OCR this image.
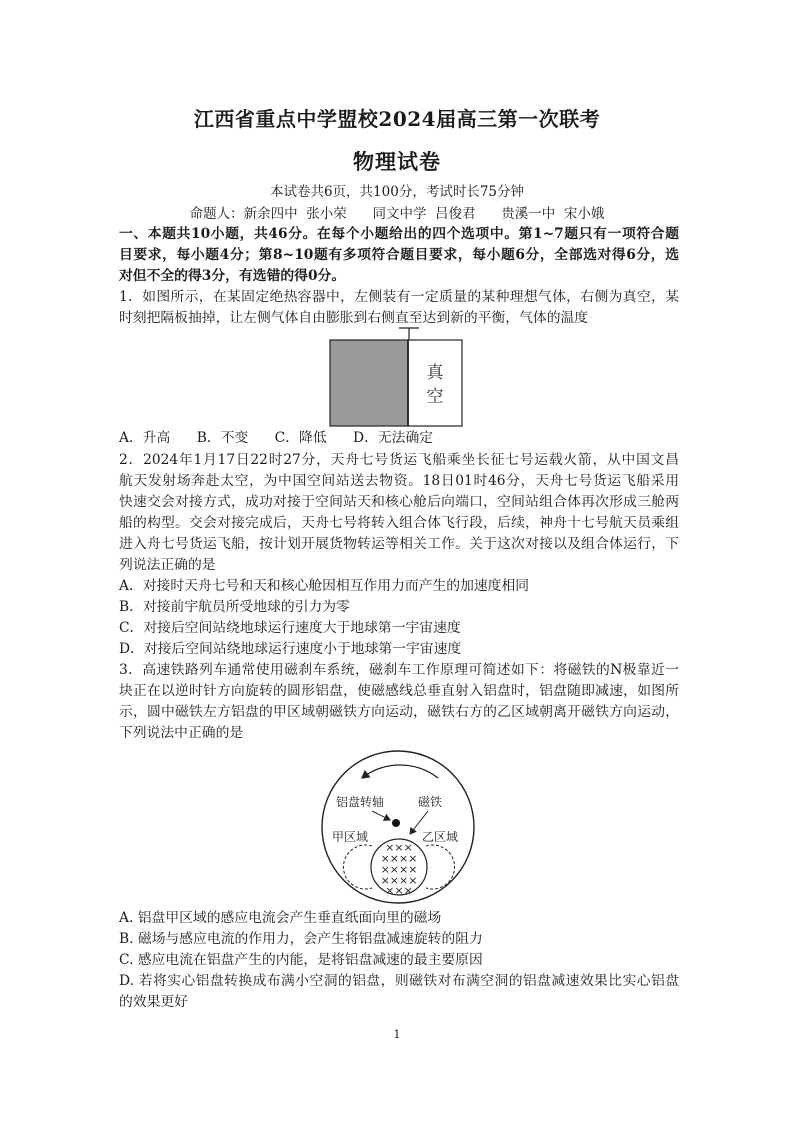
江西省重点中学盟校2024届高三第一次联考
物理试卷
本试卷共6页，共100分，考试时长75分钟
命题人：新余四中  张小荣      同文中学  吕俊君      贵溪一中  宋小娥
一、本题共10小题，共46分。在每个小题给出的四个选项中。第1~7题只有一项符合题
目要求，每小题4分；第8~10题有多项符合题目要求，每小题6分，全部选对得6分，选
对但不全的得3分，有选错的得0分。
1．如图所示，在某固定绝热容器中，左侧装有一定质量的某种理想气体，右侧为真空，某
时刻把隔板抽掉，让左侧气体自由膨胀到右侧直至达到新的平衡，气体的温度
真
空
A．升高 B．不变 C．降低 D．无法确定
2．2024年1月17日22时27分，天舟七号货运飞船乘坐长征七号运载火箭，从中国文昌
航天发射场奔赴太空，为中国空间站送去物资。18日01时46分，天舟七号货运飞船采用
快速交会对接方式，成功对接于空间站天和核心舱后向端口，空间站组合体再次形成三舱两
船的构型。交会对接完成后，天舟七号将转入组合体飞行段，后续，神舟十七号航天员乘组
进入舟七号货运飞船，按计划开展货物转运等相关工作。关于这次对接以及组合体运行，下
列说法正确的是
A．对接时天舟七号和天和核心舱因相互作用力而产生的加速度相同
B．对接前宇航员所受地球的引力为零
C．对接后空间站绕地球运行速度大于地球第一宇宙速度
D．对接后空间站绕地球运行速度小于地球第一宇宙速度
3．高速铁路列车通常使用磁刹车系统，磁刹车工作原理可简述如下：将磁铁的N极靠近一
块正在以逆时针方向旋转的圆形铝盘，使磁感线总垂直射入铝盘时，铝盘随即减速，如图所
示，圆中磁铁左方铝盘的甲区域朝磁铁方向运动，磁铁右方的乙区域朝离开磁铁方向运动，
下列说法中正确的是
铝盘转轴	磁铁
甲区域	乙区域
×××
××××
××××
××××
×××
A. 铝盘甲区域的感应电流会产生垂直纸面向里的磁场
B. 磁场与感应电流的作用力，会产生将铝盘减速旋转的阻力
C. 感应电流在铝盘产生的内能，是将铝盘减速的最主要原因
D. 若将实心铝盘转换成布满小空洞的铝盘，则磁铁对布满空洞的铝盘减速效果比实心铝盘
的效果更好
1
